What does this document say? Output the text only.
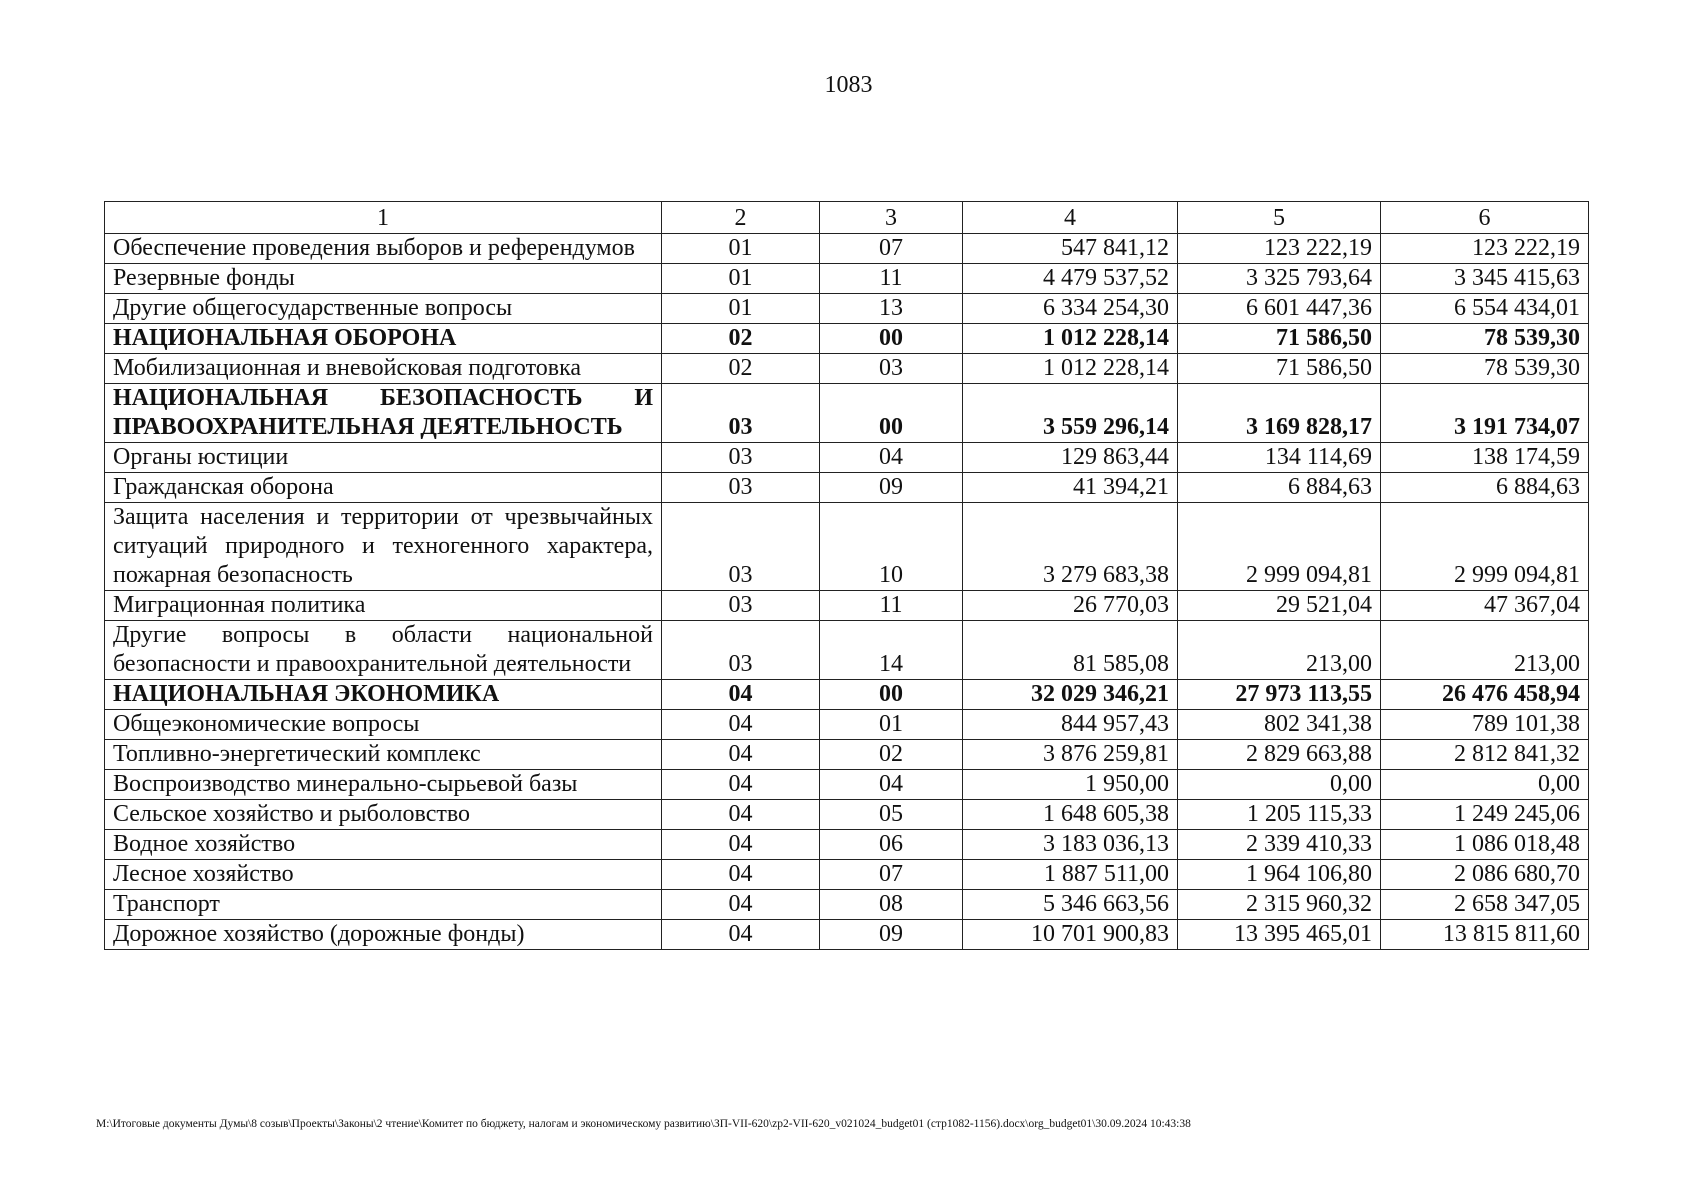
1083
1	2	3	4	5	6
Обеспечение проведения выборов и референдумов	01	07	547 841,12	123 222,19	123 222,19
Резервные фонды	01	11	4 479 537,52	3 325 793,64	3 345 415,63
Другие общегосударственные вопросы	01	13	6 334 254,30	6 601 447,36	6 554 434,01
НАЦИОНАЛЬНАЯ ОБОРОНА	02	00	1 012 228,14	71 586,50	78 539,30
Мобилизационная и вневойсковая подготовка	02	03	1 012 228,14	71 586,50	78 539,30
НАЦИОНАЛЬНАЯ БЕЗОПАСНОСТЬ И ПРАВООХРАНИТЕЛЬНАЯ ДЕЯТЕЛЬНОСТЬ	03	00	3 559 296,14	3 169 828,17	3 191 734,07
Органы юстиции	03	04	129 863,44	134 114,69	138 174,59
Гражданская оборона	03	09	41 394,21	6 884,63	6 884,63
Защита населения и территории от чрезвычайных ситуаций природного и техногенного характера, пожарная безопасность	03	10	3 279 683,38	2 999 094,81	2 999 094,81
Миграционная политика	03	11	26 770,03	29 521,04	47 367,04
Другие вопросы в области национальной безопасности и правоохранительной деятельности	03	14	81 585,08	213,00	213,00
НАЦИОНАЛЬНАЯ ЭКОНОМИКА	04	00	32 029 346,21	27 973 113,55	26 476 458,94
Общеэкономические вопросы	04	01	844 957,43	802 341,38	789 101,38
Топливно-энергетический комплекс	04	02	3 876 259,81	2 829 663,88	2 812 841,32
Воспроизводство минерально-сырьевой базы	04	04	1 950,00	0,00	0,00
Сельское хозяйство и рыболовство	04	05	1 648 605,38	1 205 115,33	1 249 245,06
Водное хозяйство	04	06	3 183 036,13	2 339 410,33	1 086 018,48
Лесное хозяйство	04	07	1 887 511,00	1 964 106,80	2 086 680,70
Транспорт	04	08	5 346 663,56	2 315 960,32	2 658 347,05
Дорожное хозяйство (дорожные фонды)	04	09	10 701 900,83	13 395 465,01	13 815 811,60
M:\Итоговые документы Думы\8 созыв\Проекты\Законы\2 чтение\Комитет по бюджету, налогам и экономическому развитию\ЗП-VII-620\zp2-VII-620_v021024_budget01 (стр1082-1156).docx\org_budget01\30.09.2024 10:43:38
